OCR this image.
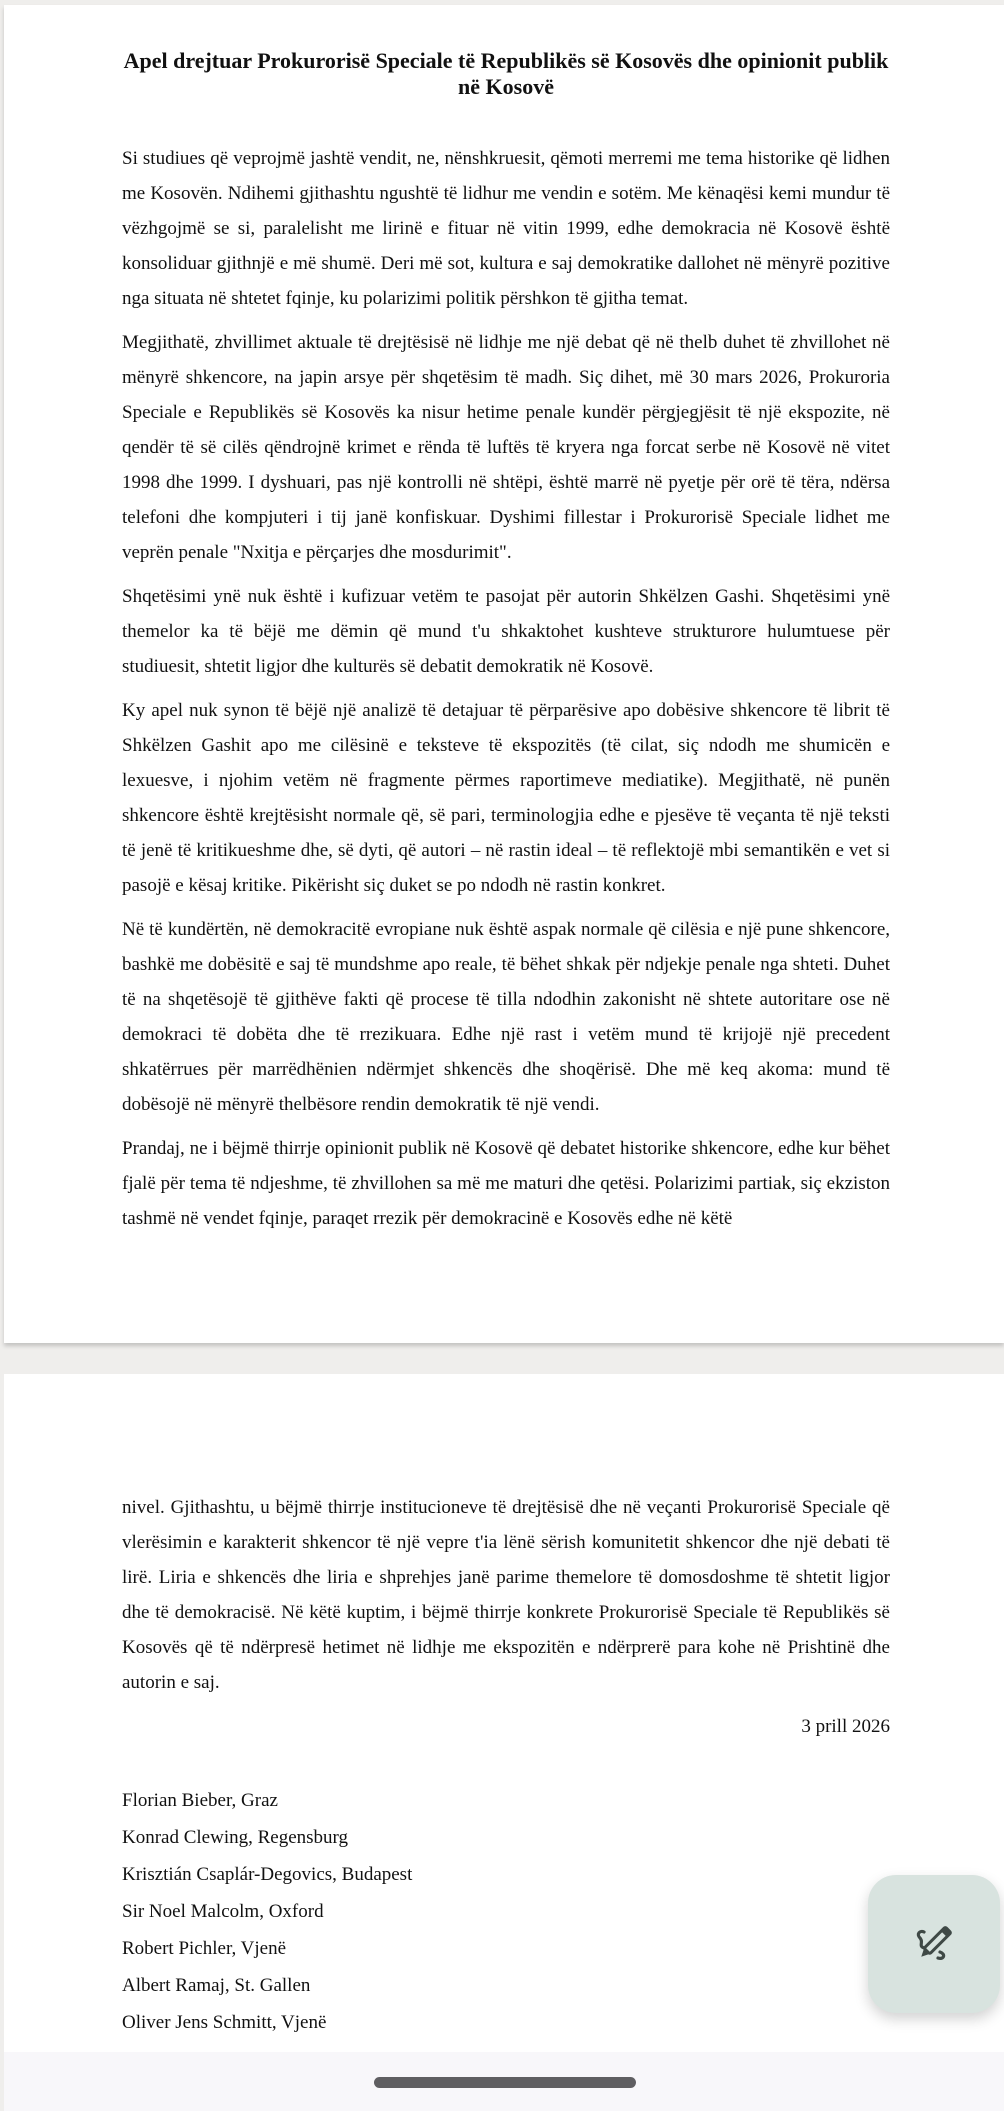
Apel drejtuar Prokurorisë Speciale të Republikës së Kosovës dhe opinionit publik në Kosovë

Si studiues që veprojmë jashtë vendit, ne, nënshkruesit, qëmoti merremi me tema historike që lidhen me Kosovën. Ndihemi gjithashtu ngushtë të lidhur me vendin e sotëm. Me kënaqësi kemi mundur të vëzhgojmë se si, paralelisht me lirinë e fituar në vitin 1999, edhe demokracia në Kosovë është konsoliduar gjithnjë e më shumë. Deri më sot, kultura e saj demokratike dallohet në mënyrë pozitive nga situata në shtetet fqinje, ku polarizimi politik përshkon të gjitha temat.

Megjithatë, zhvillimet aktuale të drejtësisë në lidhje me një debat që në thelb duhet të zhvillohet në mënyrë shkencore, na japin arsye për shqetësim të madh. Siç dihet, më 30 mars 2026, Prokuroria Speciale e Republikës së Kosovës ka nisur hetime penale kundër përgjegjësit të një ekspozite, në qendër të së cilës qëndrojnë krimet e rënda të luftës të kryera nga forcat serbe në Kosovë në vitet 1998 dhe 1999. I dyshuari, pas një kontrolli në shtëpi, është marrë në pyetje për orë të tëra, ndërsa telefoni dhe kompjuteri i tij janë konfiskuar. Dyshimi fillestar i Prokurorisë Speciale lidhet me veprën penale "Nxitja e përçarjes dhe mosdurimit".

Shqetësimi ynë nuk është i kufizuar vetëm te pasojat për autorin Shkëlzen Gashi. Shqetësimi ynë themelor ka të bëjë me dëmin që mund t'u shkaktohet kushteve strukturore hulumtuese për studiuesit, shtetit ligjor dhe kulturës së debatit demokratik në Kosovë.

Ky apel nuk synon të bëjë një analizë të detajuar të përparësive apo dobësive shkencore të librit të Shkëlzen Gashit apo me cilësinë e teksteve të ekspozitës (të cilat, siç ndodh me shumicën e lexuesve, i njohim vetëm në fragmente përmes raportimeve mediatike). Megjithatë, në punën shkencore është krejtësisht normale që, së pari, terminologjia edhe e pjesëve të veçanta të një teksti të jenë të kritikueshme dhe, së dyti, që autori – në rastin ideal – të reflektojë mbi semantikën e vet si pasojë e kësaj kritike. Pikërisht siç duket se po ndodh në rastin konkret.

Në të kundërtën, në demokracitë evropiane nuk është aspak normale që cilësia e një pune shkencore, bashkë me dobësitë e saj të mundshme apo reale, të bëhet shkak për ndjekje penale nga shteti. Duhet të na shqetësojë të gjithëve fakti që procese të tilla ndodhin zakonisht në shtete autoritare ose në demokraci të dobëta dhe të rrezikuara. Edhe një rast i vetëm mund të krijojë një precedent shkatërrues për marrëdhënien ndërmjet shkencës dhe shoqërisë. Dhe më keq akoma: mund të dobësojë në mënyrë thelbësore rendin demokratik të një vendi.

Prandaj, ne i bëjmë thirrje opinionit publik në Kosovë që debatet historike shkencore, edhe kur bëhet fjalë për tema të ndjeshme, të zhvillohen sa më me maturi dhe qetësi. Polarizimi partiak, siç ekziston tashmë në vendet fqinje, paraqet rrezik për demokracinë e Kosovës edhe në këtë

nivel. Gjithashtu, u bëjmë thirrje institucioneve të drejtësisë dhe në veçanti Prokurorisë Speciale që vlerësimin e karakterit shkencor të një vepre t'ia lënë sërish komunitetit shkencor dhe një debati të lirë. Liria e shkencës dhe liria e shprehjes janë parime themelore të domosdoshme të shtetit ligjor dhe të demokracisë. Në këtë kuptim, i bëjmë thirrje konkrete Prokurorisë Speciale të Republikës së Kosovës që të ndërpresë hetimet në lidhje me ekspozitën e ndërprerë para kohe në Prishtinë dhe autorin e saj.

3 prill 2026
Florian Bieber, Graz
Konrad Clewing, Regensburg
Krisztián Csaplár-Degovics, Budapest
Sir Noel Malcolm, Oxford
Robert Pichler, Vjenë
Albert Ramaj, St. Gallen
Oliver Jens Schmitt, Vjenë
